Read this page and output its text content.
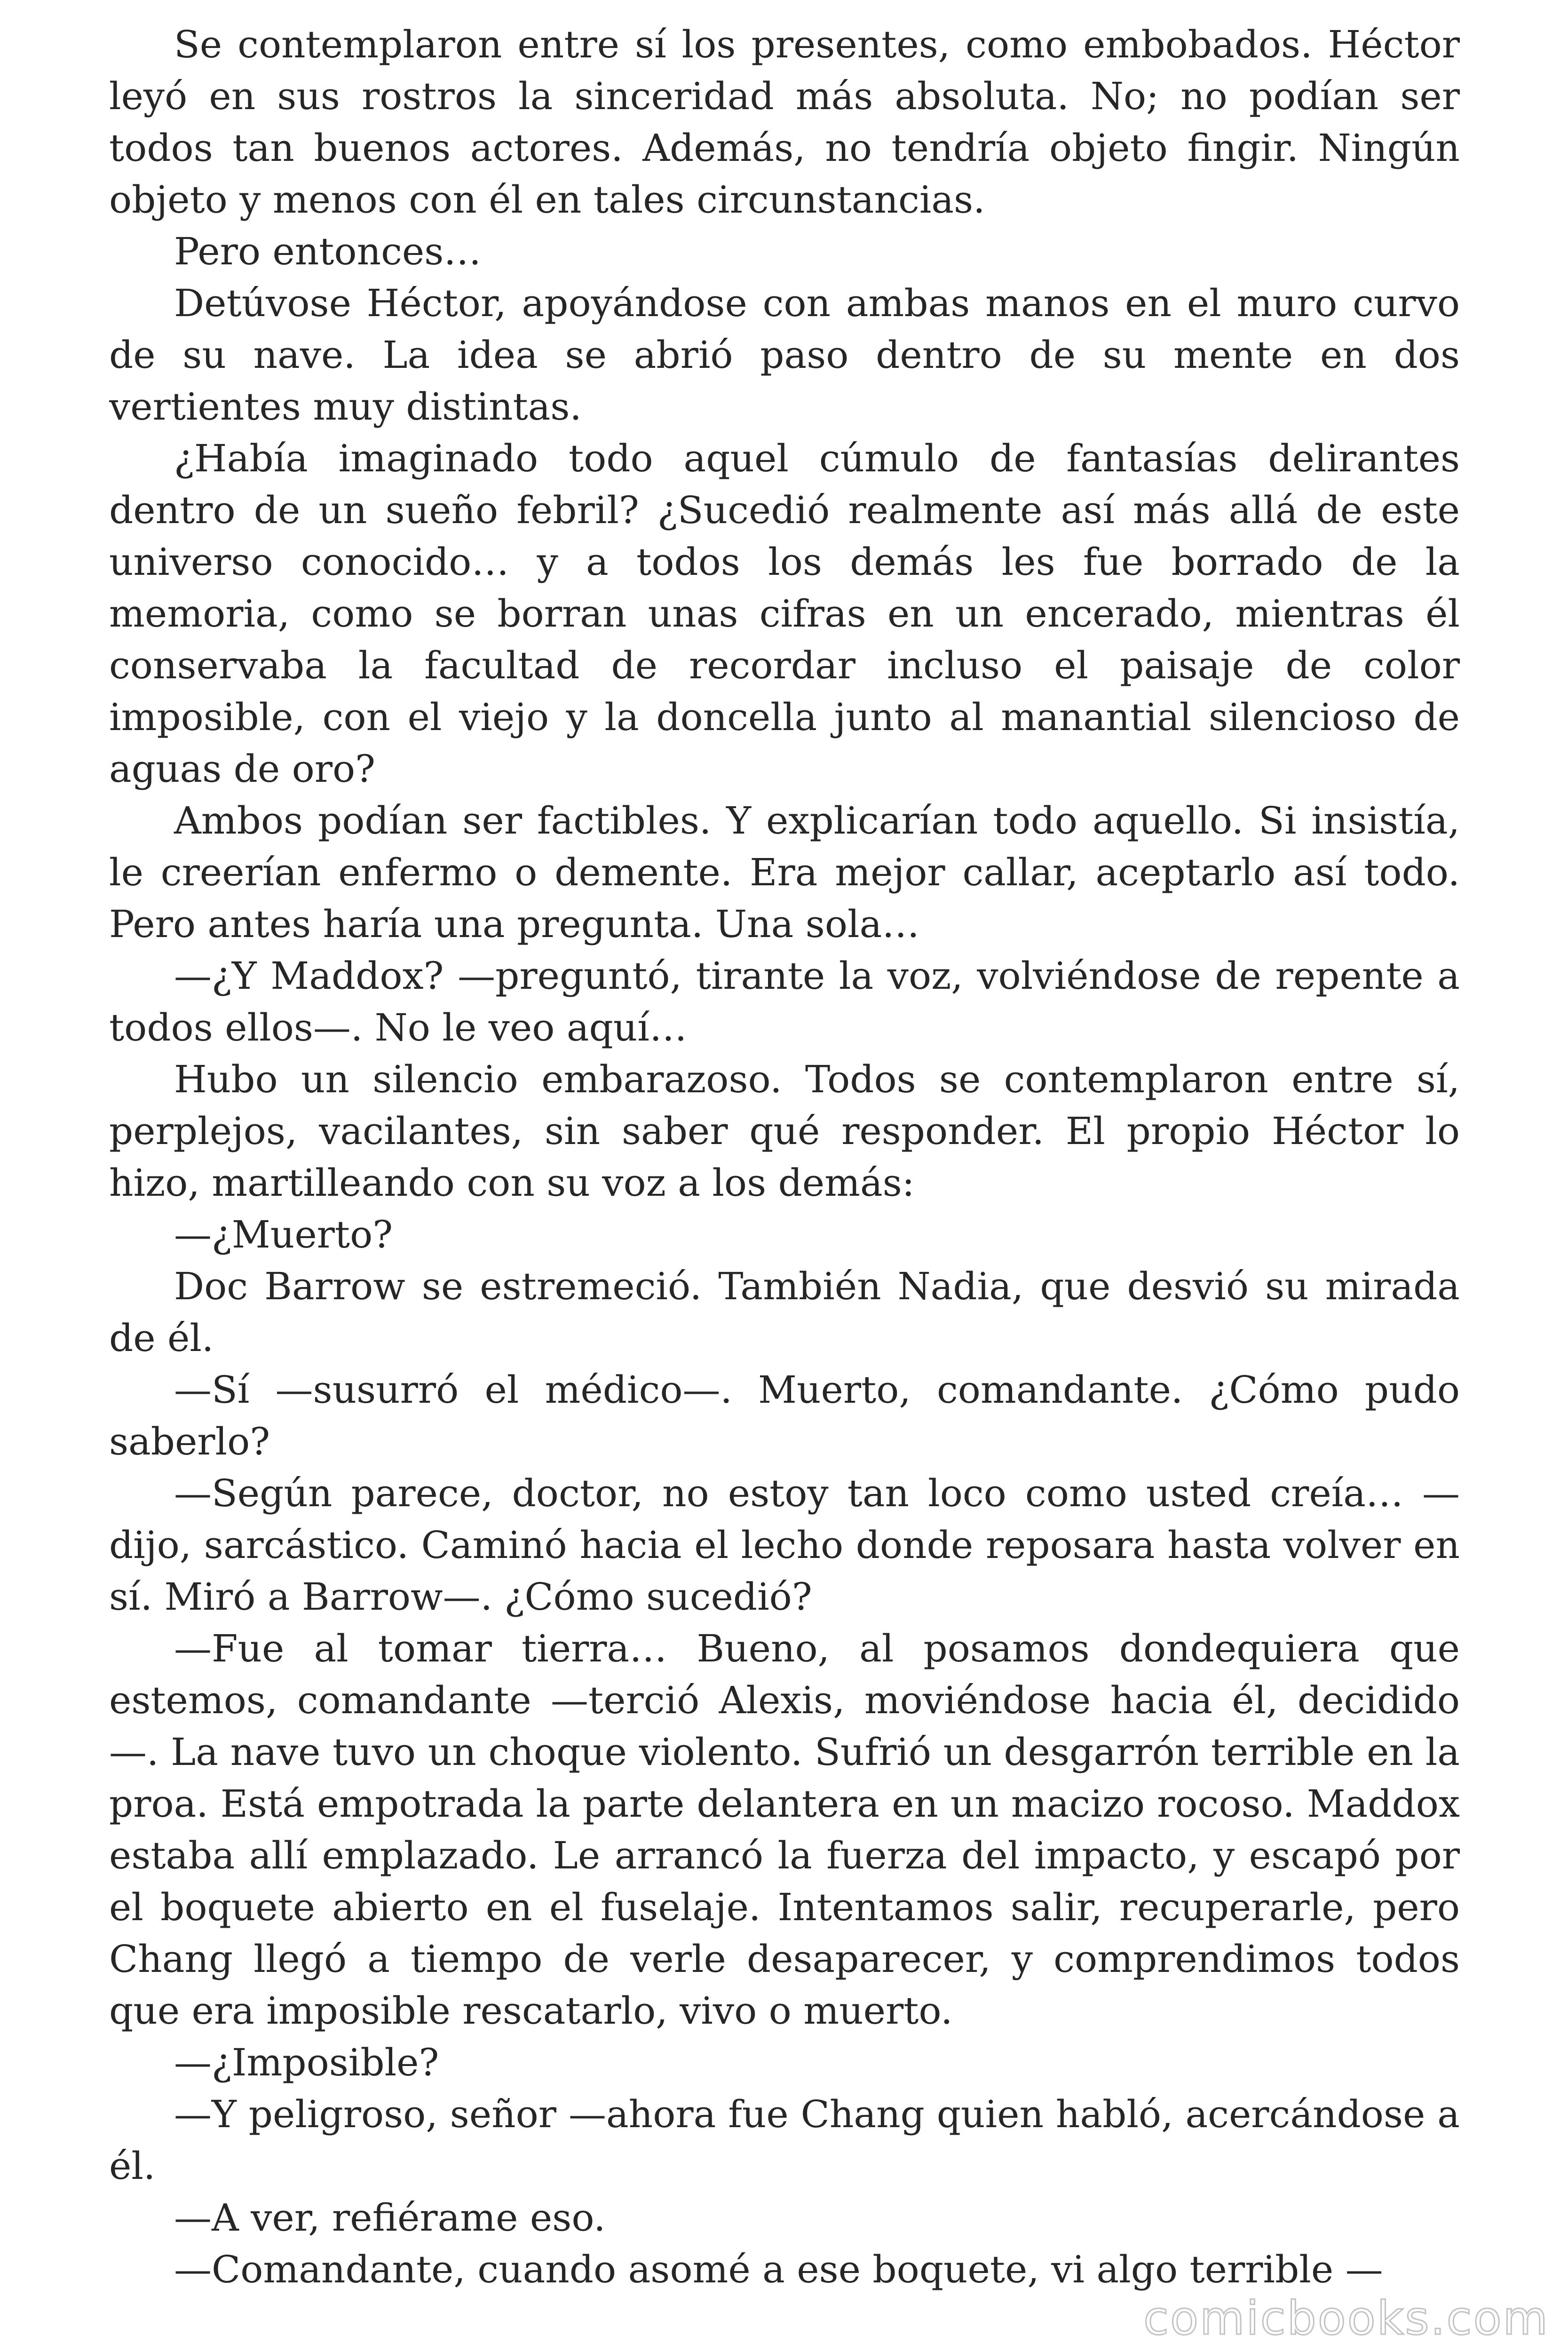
Se contemplaron entre sí los presentes, como embobados. Héctor leyó en sus rostros la sinceridad más absoluta. No; no podían ser todos tan buenos actores. Además, no tendría objeto fingir. Ningún objeto y menos con él en tales circunstancias.

Pero entonces…

Detúvose Héctor, apoyándose con ambas manos en el muro curvo de su nave. La idea se abrió paso dentro de su mente en dos vertientes muy distintas.

¿Había imaginado todo aquel cúmulo de fantasías delirantes dentro de un sueño febril? ¿Sucedió realmente así más allá de este universo conocido… y a todos los demás les fue borrado de la memoria, como se borran unas cifras en un encerado, mientras él conservaba la facultad de recordar incluso el paisaje de color imposible, con el viejo y la doncella junto al manantial silencioso de aguas de oro?

Ambos podían ser factibles. Y explicarían todo aquello. Si insistía, le creerían enfermo o demente. Era mejor callar, aceptarlo así todo. Pero antes haría una pregunta. Una sola…

—¿Y Maddox? —preguntó, tirante la voz, volviéndose de repente a todos ellos—. No le veo aquí…

Hubo un silencio embarazoso. Todos se contemplaron entre sí, perplejos, vacilantes, sin saber qué responder. El propio Héctor lo hizo, martilleando con su voz a los demás:

—¿Muerto?

Doc Barrow se estremeció. También Nadia, que desvió su mirada de él.

—Sí —susurró el médico—. Muerto, comandante. ¿Cómo pudo saberlo?

—Según parece, doctor, no estoy tan loco como usted creía… —dijo, sarcástico. Caminó hacia el lecho donde reposara hasta volver en sí. Miró a Barrow—. ¿Cómo sucedió?

—Fue al tomar tierra… Bueno, al posamos dondequiera que estemos, comandante —terció Alexis, moviéndose hacia él, decidido —. La nave tuvo un choque violento. Sufrió un desgarrón terrible en la proa. Está empotrada la parte delantera en un macizo rocoso. Maddox estaba allí emplazado. Le arrancó la fuerza del impacto, y escapó por el boquete abierto en el fuselaje. Intentamos salir, recuperarle, pero Chang llegó a tiempo de verle desaparecer, y comprendimos todos que era imposible rescatarlo, vivo o muerto.

—¿Imposible?

—Y peligroso, señor —ahora fue Chang quien habló, acercándose a él.

—A ver, refiérame eso.

—Comandante, cuando asomé a ese boquete, vi algo terrible —

comicbooks.com
